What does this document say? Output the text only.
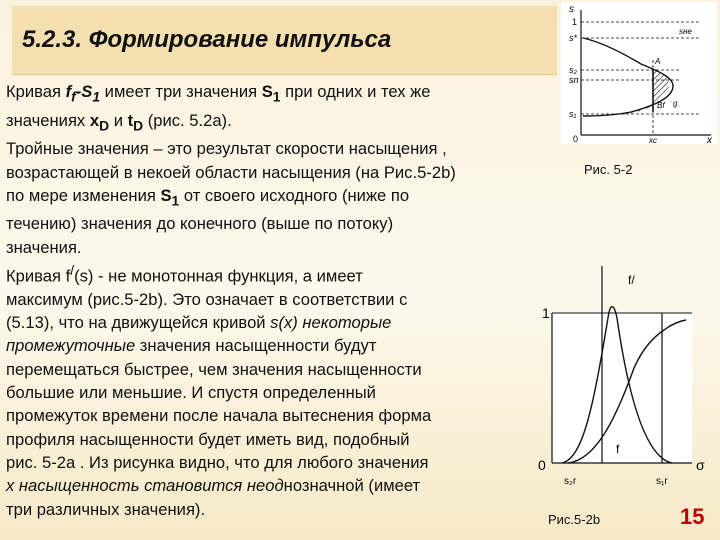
5.2.3. Формирование импульса
Кривая $f_f-S_1$ имеет три значения $S_1$ при одних и тех же
значениях $x_D$ и $t_D$ (рис. 5.2а).
Тройные значения – это результат скорости насыщения ,
возрастающей в некоей области насыщения (на Рис.5-2b)
по мере изменения $S_1$ от своего исходного (ниже по
течению) значения до конечного (выше по потоку)
значения.
Кривая f/(s) - не монотонная функция, а имеет
максимум (рис.5-2b). Это означает в соответствии с
(5.13), что на движущейся кривой s(x) некоторые
промежуточные значения насыщенности будут
перемещаться быстрее, чем значения насыщенности
большие или меньшие. И спустя определенный
промежуток времени после начала вытеснения форма
профиля насыщенности будет иметь вид, подобный
рис. 5-2а . Из рисунка видно, что для любого значения
х насыщенность становится неоднозначной (имеет
три различных значения).
s
1
s*
sне
A
s₂
sп
s₁
Bf g
0	xс	x
Рис. 5-2
f/
f
1
0	σ
s₂r	s₁r
Рис.5-2b	15
